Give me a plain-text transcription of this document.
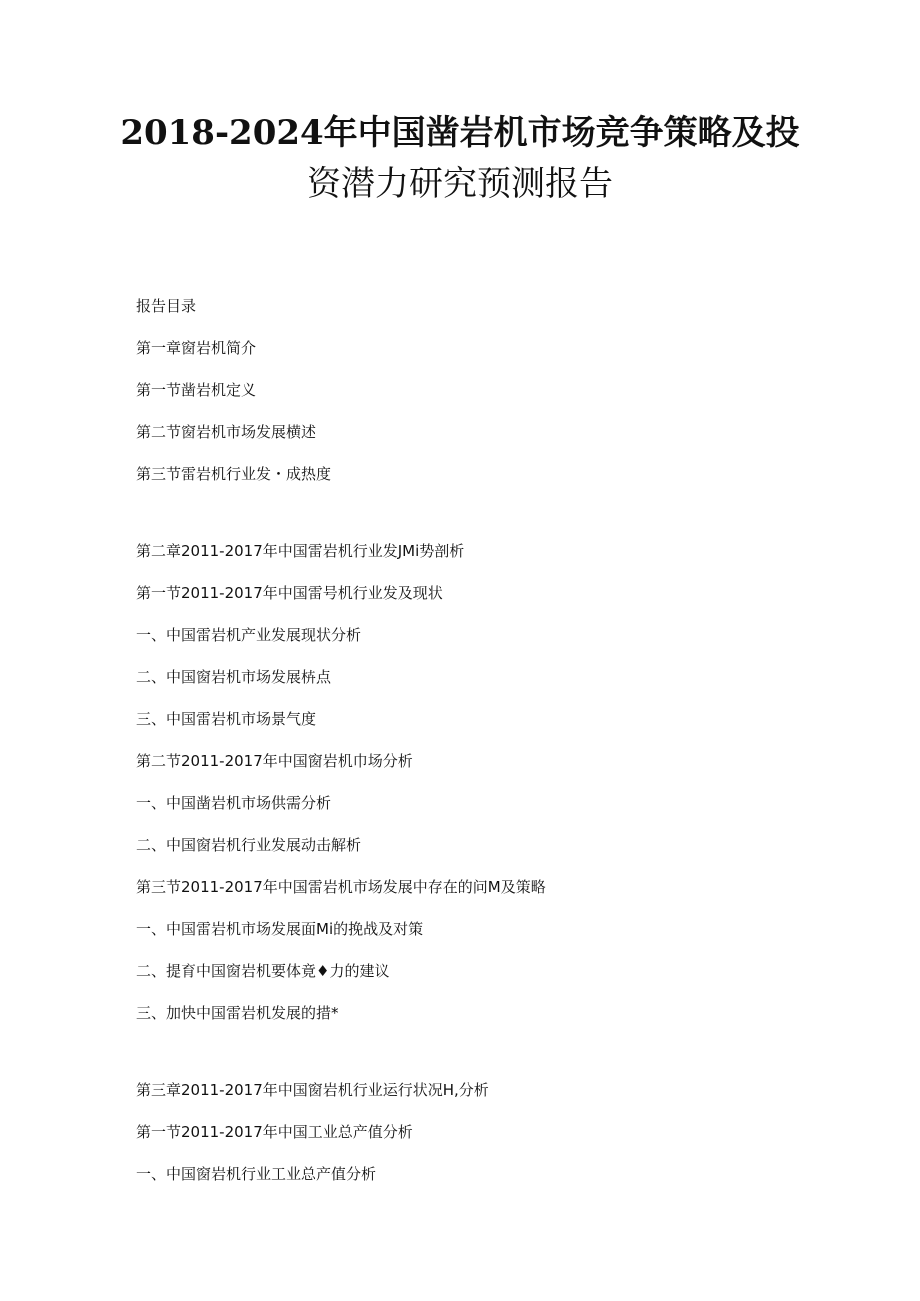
2018-2024年中国凿岩机市场竞争策略及投
资潜力研究预测报告
报告目录
第一章窗岩机简介
第一节凿岩机定义
第二节窗岩机市场发展横述
第三节雷岩机行业发・成热度
第二章2011-2017年中国雷岩机行业发JMi势剖析
第一节2011-2017年中国雷号机行业发及现状
一、中国雷岩机产业发展现状分析
二、中国窗岩机市场发展枿点
三、中国雷岩机市场景气度
第二节2011-2017年中国窗岩机巾场分析
一、中国凿岩机市场供需分析
二、中国窗岩机行业发展动击解析
第三节2011-2017年中国雷岩机市场发展中存在的问M及策略
一、中国雷岩机市场发展面Mi的挽战及对策
二、提育中国窗岩机要体竟♦力的建议
三、加快中国雷岩机发展的措*
第三章2011-2017年中国窗岩机行业运行状况H,分析
第一节2011-2017年中国工业总产值分析
一、中国窗岩机行业工业总产值分析
